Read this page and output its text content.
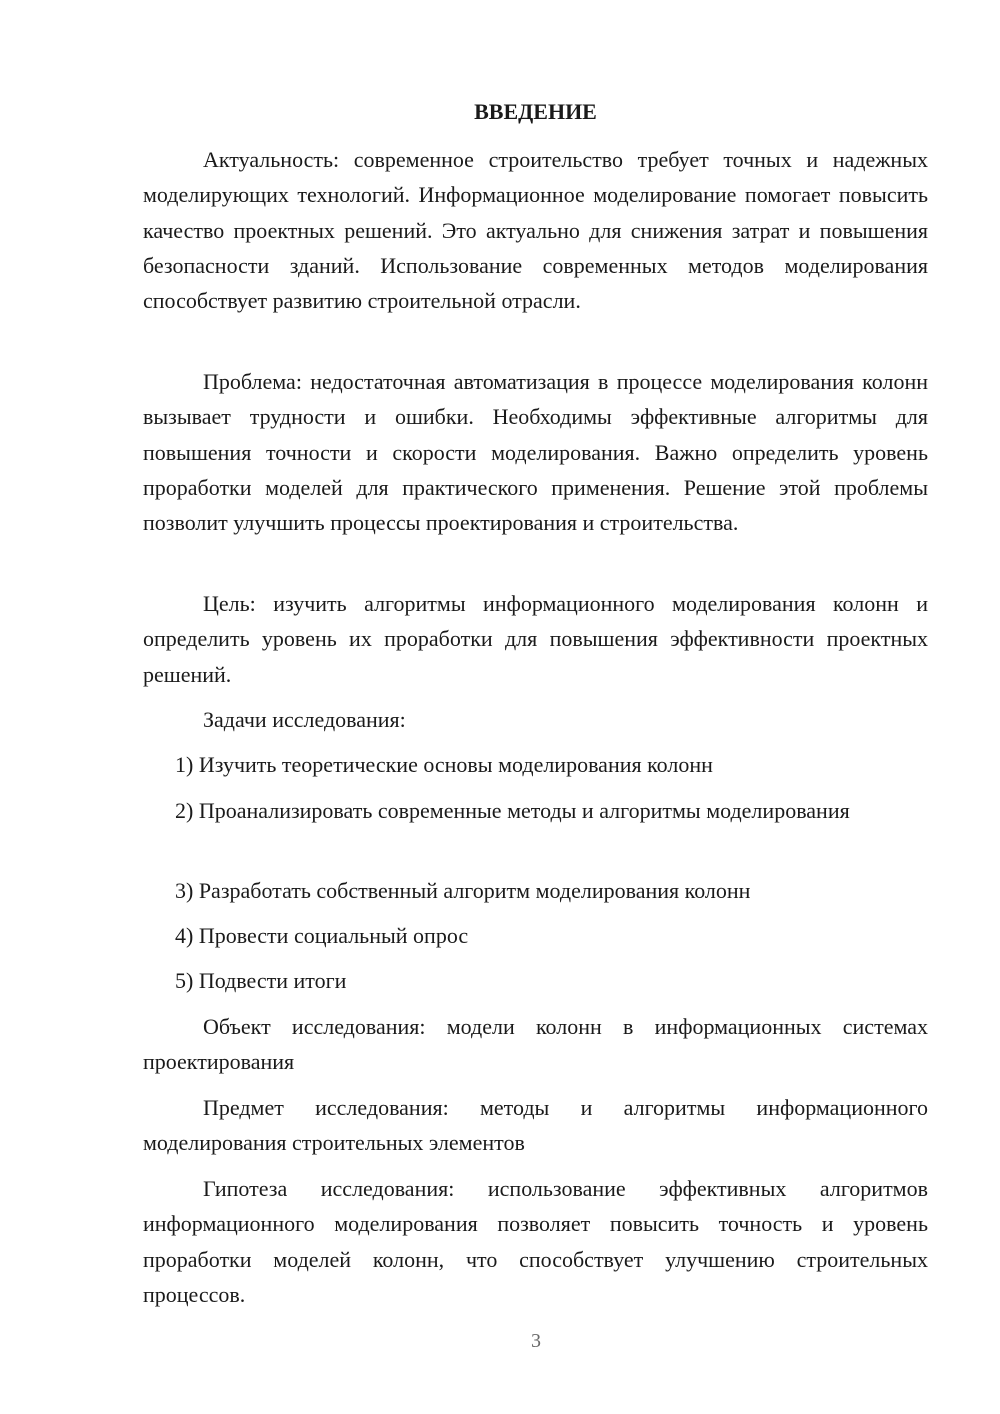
ВВЕДЕНИЕ

Актуальность: современное строительство требует точных и надежных моделирующих технологий. Информационное моделирование помогает повысить качество проектных решений. Это актуально для снижения затрат и повышения безопасности зданий. Использование современных методов моделирования способствует развитию строительной отрасли.

Проблема: недостаточная автоматизация в процессе моделирования колонн вызывает трудности и ошибки. Необходимы эффективные алгоритмы для повышения точности и скорости моделирования. Важно определить уровень проработки моделей для практического применения. Решение этой проблемы позволит улучшить процессы проектирования и строительства.

Цель: изучить алгоритмы информационного моделирования колонн и определить уровень их проработки для повышения эффективности проектных решений.

Задачи исследования:

1) Изучить теоретические основы моделирования колонн

2) Проанализировать современные методы и алгоритмы моделирования

3) Разработать собственный алгоритм моделирования колонн

4) Провести социальный опрос

5) Подвести итоги

Объект исследования: модели колонн в информационных системах проектирования

Предмет исследования: методы и алгоритмы информационного моделирования строительных элементов

Гипотеза исследования: использование эффективных алгоритмов информационного моделирования позволяет повысить точность и уровень проработки моделей колонн, что способствует улучшению строительных процессов.

3
